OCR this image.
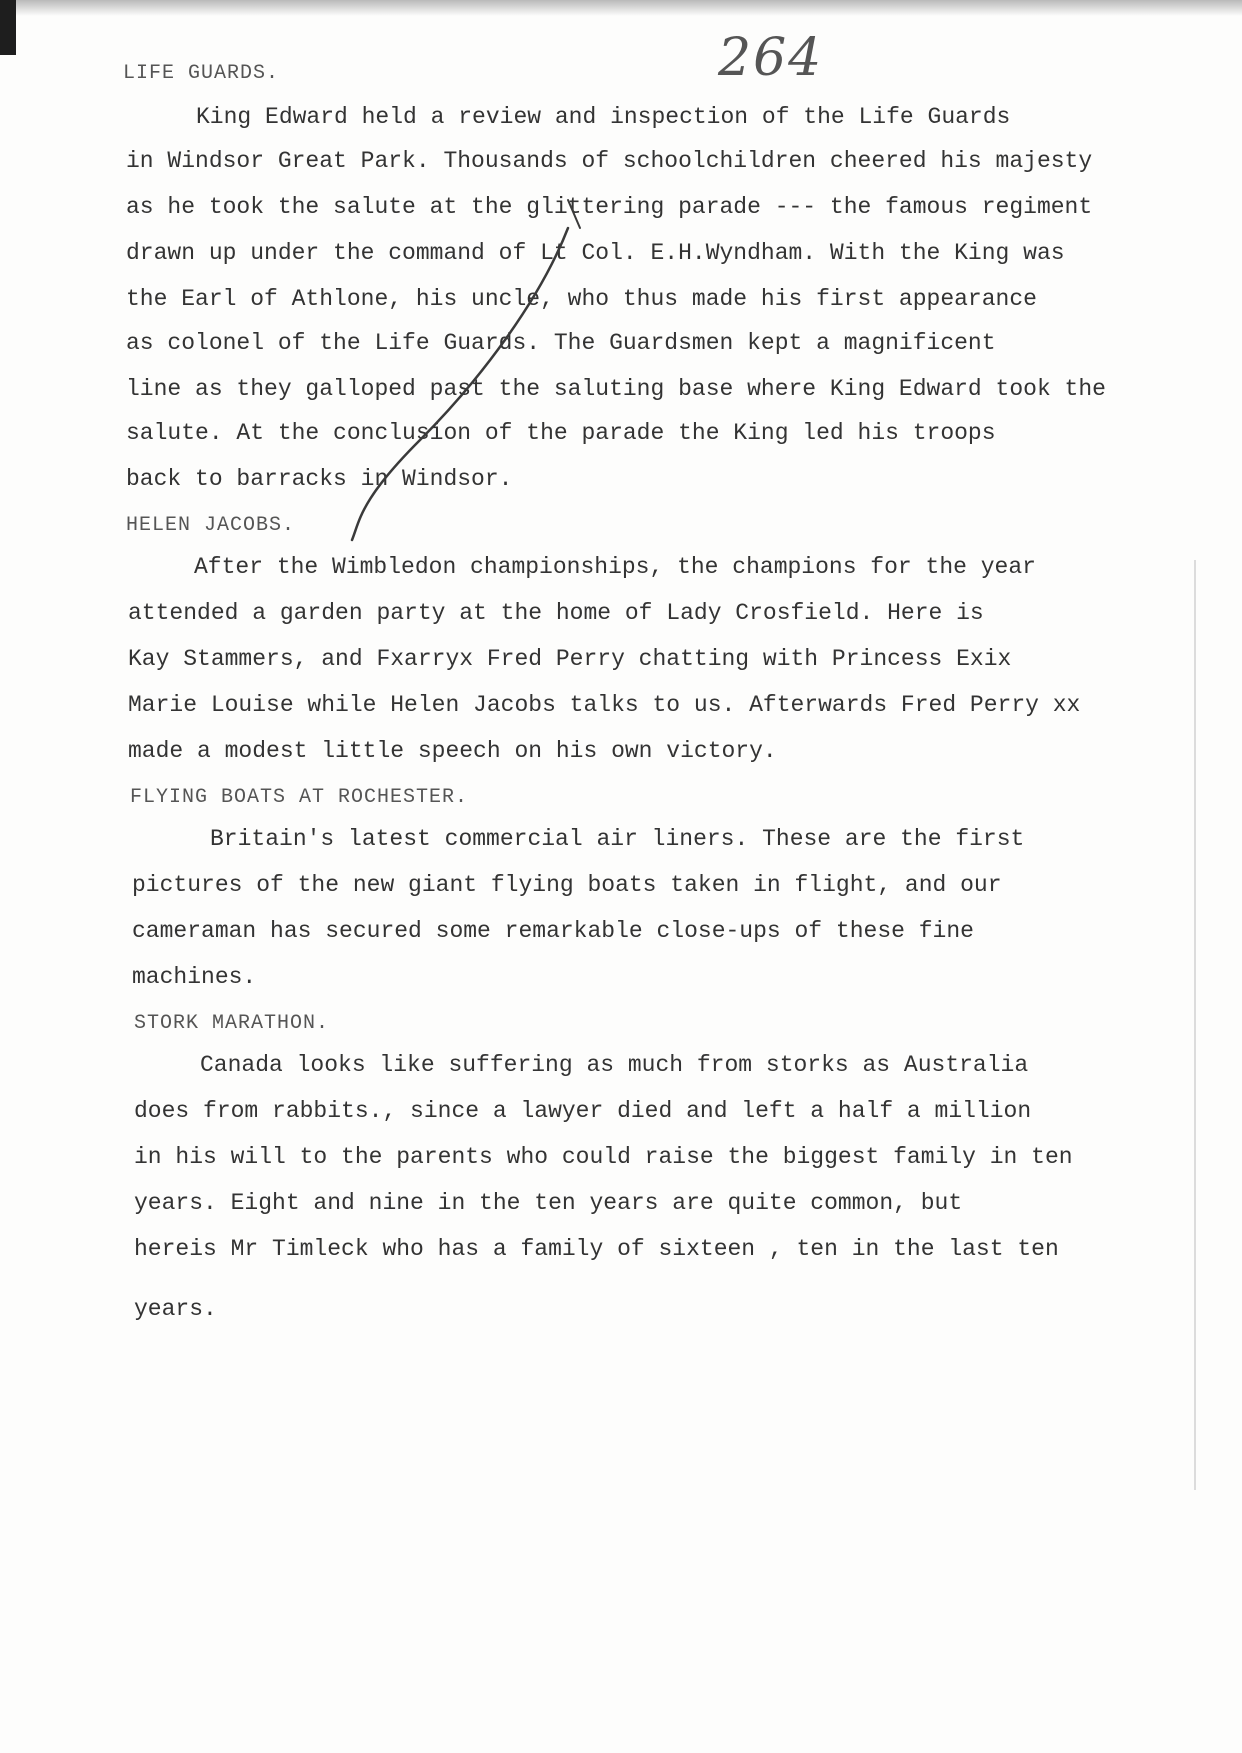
264
LIFE GUARDS.
King Edward held a review and inspection of the Life Guards
in Windsor Great Park. Thousands of schoolchildren cheered his majesty
as he took the salute at the glittering parade --- the famous regiment
drawn up under the command of Lt Col. E.H.Wyndham. With the King was
the Earl of Athlone, his uncle, who thus made his first appearance
as colonel of the Life Guards. The Guardsmen kept a magnificent
line as they galloped past the saluting base where King Edward took the
salute. At the conclusion of the parade the King led his troops
back to barracks in Windsor.
HELEN JACOBS.
After the Wimbledon championships, the champions for the year
attended a garden party at the home of Lady Crosfield. Here is
Kay Stammers, and Fxarryx Fred Perry chatting with Princess Exix
Marie Louise while Helen Jacobs talks to us. Afterwards Fred Perry xx
made a modest little speech on his own victory.
FLYING BOATS AT ROCHESTER.
Britain's latest commercial air liners. These are the first
pictures of the new giant flying boats taken in flight, and our
cameraman has secured some remarkable close-ups of these fine
machines.
STORK MARATHON.
Canada looks like suffering as much from storks as Australia
does from rabbits., since a lawyer died and left a half a million
in his will to the parents who could raise the biggest family in ten
years. Eight and nine in the ten years are quite common, but
hereis Mr Timleck who has a family of sixteen , ten in the last ten
years.
